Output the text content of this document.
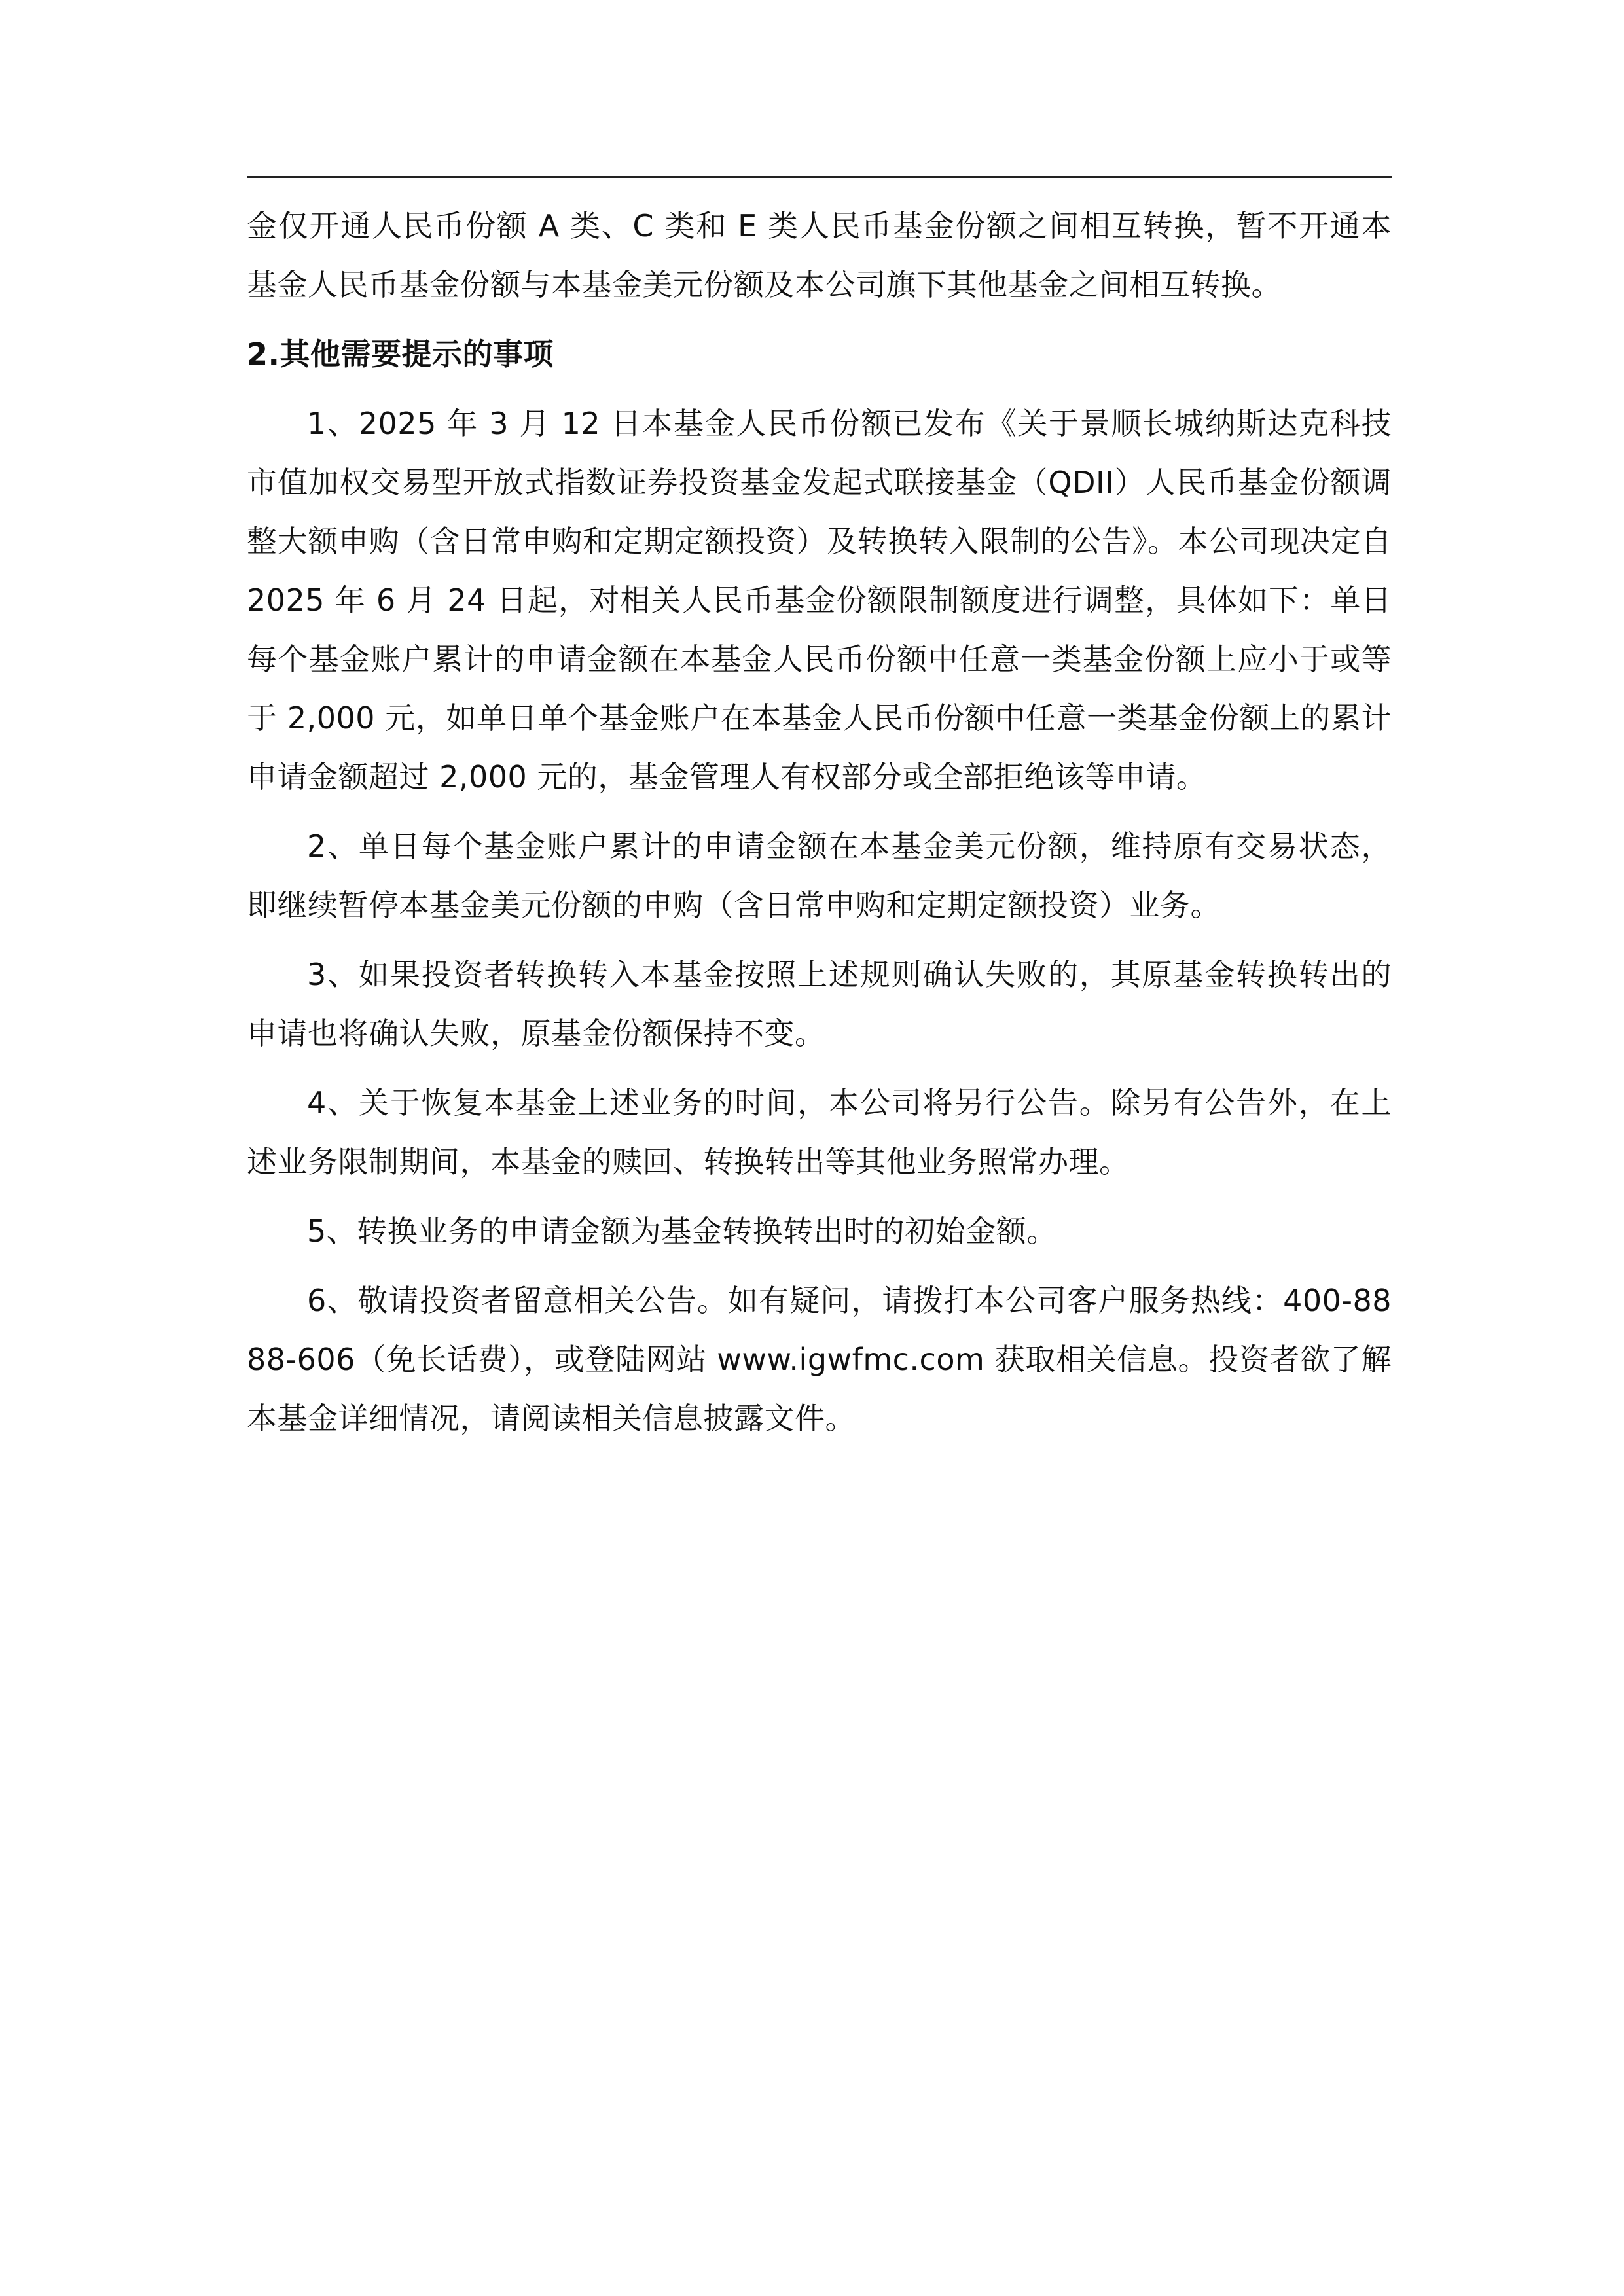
金仅开通人民币份额 A 类、C 类和 E 类人民币基金份额之间相互转换，暂不开通本基金人民币基金份额与本基金美元份额及本公司旗下其他基金之间相互转换。

2.其他需要提示的事项

1、2025 年 3 月 12 日本基金人民币份额已发布《关于景顺长城纳斯达克科技市值加权交易型开放式指数证券投资基金发起式联接基金（QDII）人民币基金份额调整大额申购（含日常申购和定期定额投资）及转换转入限制的公告》。本公司现决定自 2025 年 6 月 24 日起，对相关人民币基金份额限制额度进行调整，具体如下：单日每个基金账户累计的申请金额在本基金人民币份额中任意一类基金份额上应小于或等于 2,000 元，如单日单个基金账户在本基金人民币份额中任意一类基金份额上的累计申请金额超过 2,000 元的，基金管理人有权部分或全部拒绝该等申请。

2、单日每个基金账户累计的申请金额在本基金美元份额，维持原有交易状态，即继续暂停本基金美元份额的申购（含日常申购和定期定额投资）业务。

3、如果投资者转换转入本基金按照上述规则确认失败的，其原基金转换转出的申请也将确认失败，原基金份额保持不变。

4、关于恢复本基金上述业务的时间，本公司将另行公告。除另有公告外，在上述业务限制期间，本基金的赎回、转换转出等其他业务照常办理。

5、转换业务的申请金额为基金转换转出时的初始金额。

6、敬请投资者留意相关公告。如有疑问，请拨打本公司客户服务热线：400-8888-606（免长话费），或登陆网站 www.igwfmc.com 获取相关信息。投资者欲了解本基金详细情况，请阅读相关信息披露文件。
